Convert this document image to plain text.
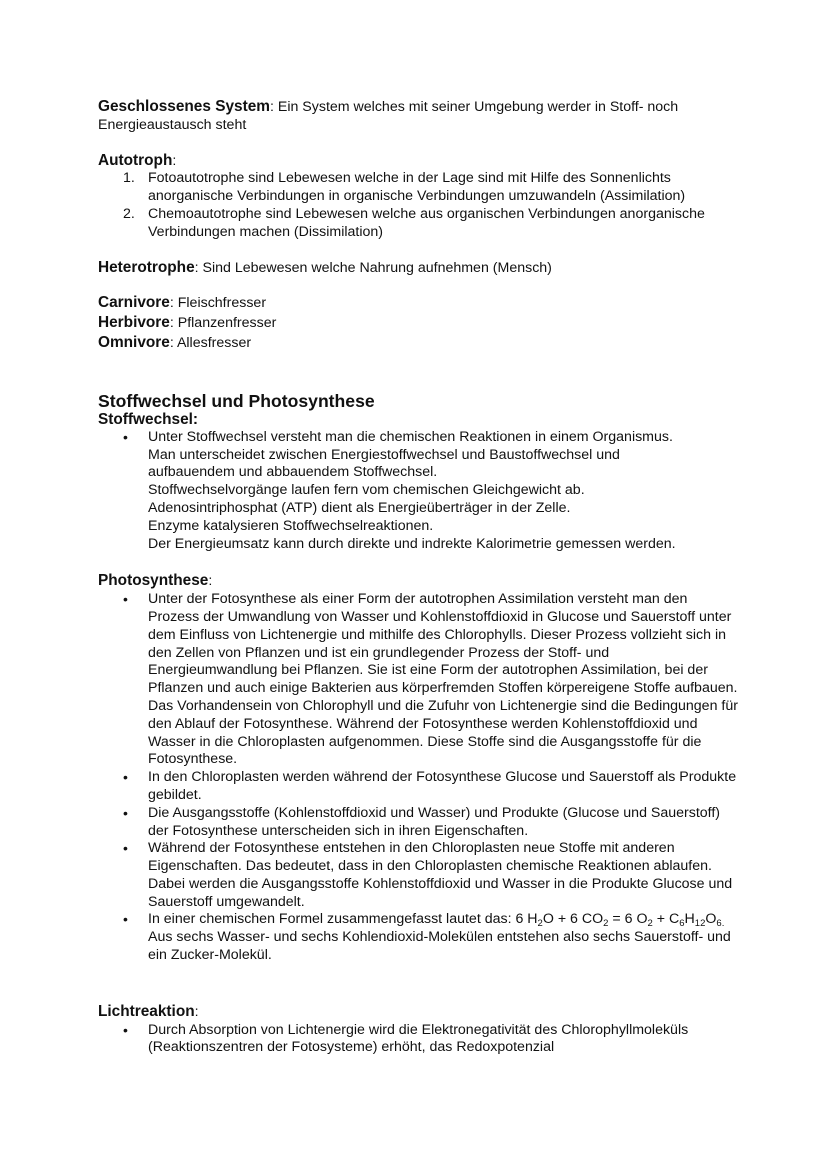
Geschlossenes System: Ein System welches mit seiner Umgebung werder in Stoff- noch Energieaustausch steht

Autotroph:

1. Fotoautotrophe sind Lebewesen welche in der Lage sind mit Hilfe des Sonnenlichts anorganische Verbindungen in organische Verbindungen umzuwandeln (Assimilation)
2. Chemoautotrophe sind Lebewesen welche aus organischen Verbindungen anorganische Verbindungen machen (Dissimilation)

Heterotrophe: Sind Lebewesen welche Nahrung aufnehmen (Mensch)

Carnivore: Fleischfresser

Herbivore: Pflanzenfresser

Omnivore: Allesfresser

Stoffwechsel und Photosynthese
Stoffwechsel:
• Unter Stoffwechsel versteht man die chemischen Reaktionen in einem Organismus.
Man unterscheidet zwischen Energiestoffwechsel und Baustoffwechsel und
aufbauendem und abbauendem Stoffwechsel.
Stoffwechselvorgänge laufen fern vom chemischen Gleichgewicht ab.
Adenosintriphosphat (ATP) dient als Energieüberträger in der Zelle.
Enzyme katalysieren Stoffwechselreaktionen.
Der Energieumsatz kann durch direkte und indrekte Kalorimetrie gemessen werden.

Photosynthese:

• Unter der Fotosynthese als einer Form der autotrophen Assimilation versteht man den Prozess der Umwandlung von Wasser und Kohlenstoffdioxid in Glucose und Sauerstoff unter dem Einfluss von Lichtenergie und mithilfe des Chlorophylls. Dieser Prozess vollzieht sich in den Zellen von Pflanzen und ist ein grundlegender Prozess der Stoff- und Energieumwandlung bei Pflanzen. Sie ist eine Form der autotrophen Assimilation, bei der Pflanzen und auch einige Bakterien aus körperfremden Stoffen körpereigene Stoffe aufbauen. Das Vorhandensein von Chlorophyll und die Zufuhr von Lichtenergie sind die Bedingungen für den Ablauf der Fotosynthese. Während der Fotosynthese werden Kohlenstoffdioxid und Wasser in die Chloroplasten aufgenommen. Diese Stoffe sind die Ausgangsstoffe für die Fotosynthese.
• In den Chloroplasten werden während der Fotosynthese Glucose und Sauerstoff als Produkte gebildet.
• Die Ausgangsstoffe (Kohlenstoffdioxid und Wasser) und Produkte (Glucose und Sauerstoff) der Fotosynthese unterscheiden sich in ihren Eigenschaften.
• Während der Fotosynthese entstehen in den Chloroplasten neue Stoffe mit anderen Eigenschaften. Das bedeutet, dass in den Chloroplasten chemische Reaktionen ablaufen. Dabei werden die Ausgangsstoffe Kohlenstoffdioxid und Wasser in die Produkte Glucose und Sauerstoff umgewandelt.
• In einer chemischen Formel zusammengefasst lautet das: 6 $H_2O + 6$ $CO_2 = 6$ $O_2 + C_6H_{12}O_{6.}$ Aus sechs Wasser- und sechs Kohlendioxid-Molekülen entstehen also sechs Sauerstoff- und ein Zucker-Molekül.

Lichtreaktion:

• Durch Absorption von Lichtenergie wird die Elektronegativität des Chlorophyllmoleküls (Reaktionszentren der Fotosysteme) erhöht, das Redoxpotenzial
